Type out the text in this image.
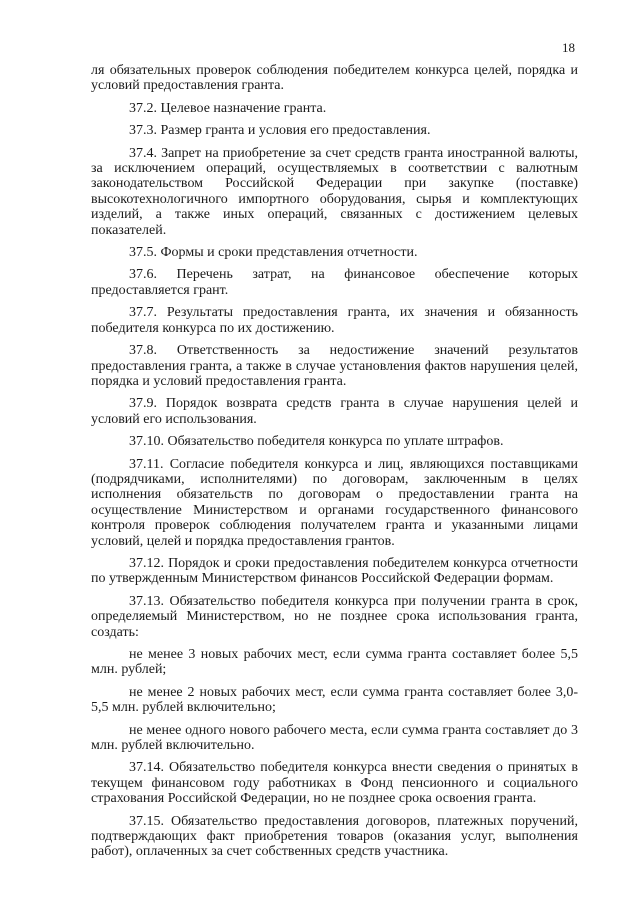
18

ля обязательных проверок соблюдения победителем конкурса целей, порядка и условий предоставления гранта.

37.2. Целевое назначение гранта.

37.3. Размер гранта и условия его предоставления.

37.4. Запрет на приобретение за счет средств гранта иностранной валюты, за исключением операций, осуществляемых в соответствии с валютным законодательством Российской Федерации при закупке (поставке) высокотехнологичного импортного оборудования, сырья и комплектующих изделий, а также иных операций, связанных с достижением целевых показателей.

37.5. Формы и сроки представления отчетности.

37.6. Перечень затрат, на финансовое обеспечение которых предоставляется грант.

37.7. Результаты предоставления гранта, их значения и обязанность победителя конкурса по их достижению.

37.8. Ответственность за недостижение значений результатов предоставления гранта, а также в случае установления фактов нарушения целей, порядка и условий предоставления гранта.

37.9. Порядок возврата средств гранта в случае нарушения целей и условий его использования.

37.10. Обязательство победителя конкурса по уплате штрафов.

37.11. Согласие победителя конкурса и лиц, являющихся поставщиками (подрядчиками, исполнителями) по договорам, заключенным в целях исполнения обязательств по договорам о предоставлении гранта на осуществление Министерством и органами государственного финансового контроля проверок соблюдения получателем гранта и указанными лицами условий, целей и порядка предоставления грантов.

37.12. Порядок и сроки предоставления победителем конкурса отчетности по утвержденным Министерством финансов Российской Федерации формам.

37.13. Обязательство победителя конкурса при получении гранта в срок, определяемый Министерством, но не позднее срока использования гранта, создать:

не менее 3 новых рабочих мест, если сумма гранта составляет более 5,5 млн. рублей;

не менее 2 новых рабочих мест, если сумма гранта составляет более 3,0-5,5 млн. рублей включительно;

не менее одного нового рабочего места, если сумма гранта составляет до 3 млн. рублей включительно.

37.14. Обязательство победителя конкурса внести сведения о принятых в текущем финансовом году работниках в Фонд пенсионного и социального страхования Российской Федерации, но не позднее срока освоения гранта.

37.15. Обязательство предоставления договоров, платежных поручений, подтверждающих факт приобретения товаров (оказания услуг, выполнения работ), оплаченных за счет собственных средств участника.
